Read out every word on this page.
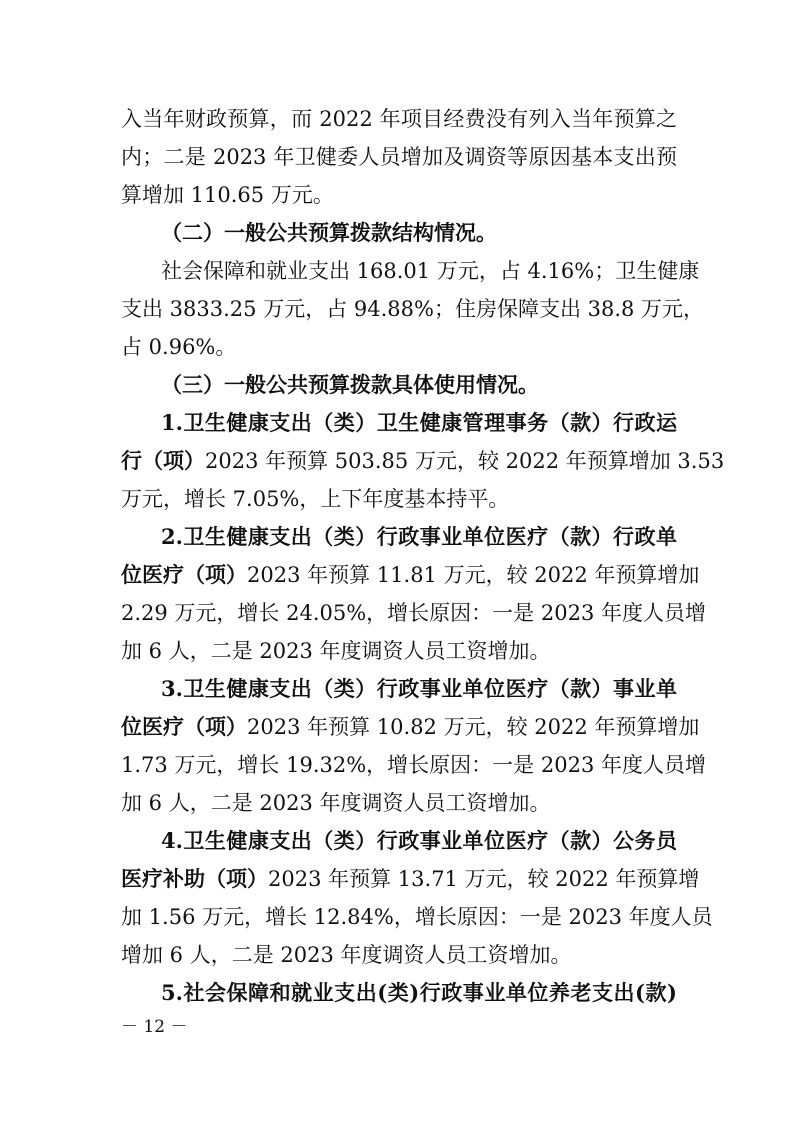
入当年财政预算，而 2022 年项目经费没有列入当年预算之
内；二是 2023 年卫健委人员增加及调资等原因基本支出预
算增加 110.65 万元。
（二）一般公共预算拨款结构情况。
社会保障和就业支出 168.01 万元，占 4.16%；卫生健康
支出 3833.25 万元，占 94.88%；住房保障支出 38.8 万元，
占 0.96%。
（三）一般公共预算拨款具体使用情况。
1.卫生健康支出（类）卫生健康管理事务（款）行政运
行（项）2023 年预算 503.85 万元，较 2022 年预算增加 3.53
万元，增长 7.05%，上下年度基本持平。
2.卫生健康支出（类）行政事业单位医疗（款）行政单
位医疗（项）2023 年预算 11.81 万元，较 2022 年预算增加
2.29 万元，增长 24.05%，增长原因：一是 2023 年度人员增
加 6 人，二是 2023 年度调资人员工资增加。
3.卫生健康支出（类）行政事业单位医疗（款）事业单
位医疗（项）2023 年预算 10.82 万元，较 2022 年预算增加
1.73 万元，增长 19.32%，增长原因：一是 2023 年度人员增
加 6 人，二是 2023 年度调资人员工资增加。
4.卫生健康支出（类）行政事业单位医疗（款）公务员
医疗补助（项）2023 年预算 13.71 万元，较 2022 年预算增
加 1.56 万元，增长 12.84%，增长原因：一是 2023 年度人员
增加 6 人，二是 2023 年度调资人员工资增加。
5.社会保障和就业支出(类)行政事业单位养老支出(款)
－ 12 －
